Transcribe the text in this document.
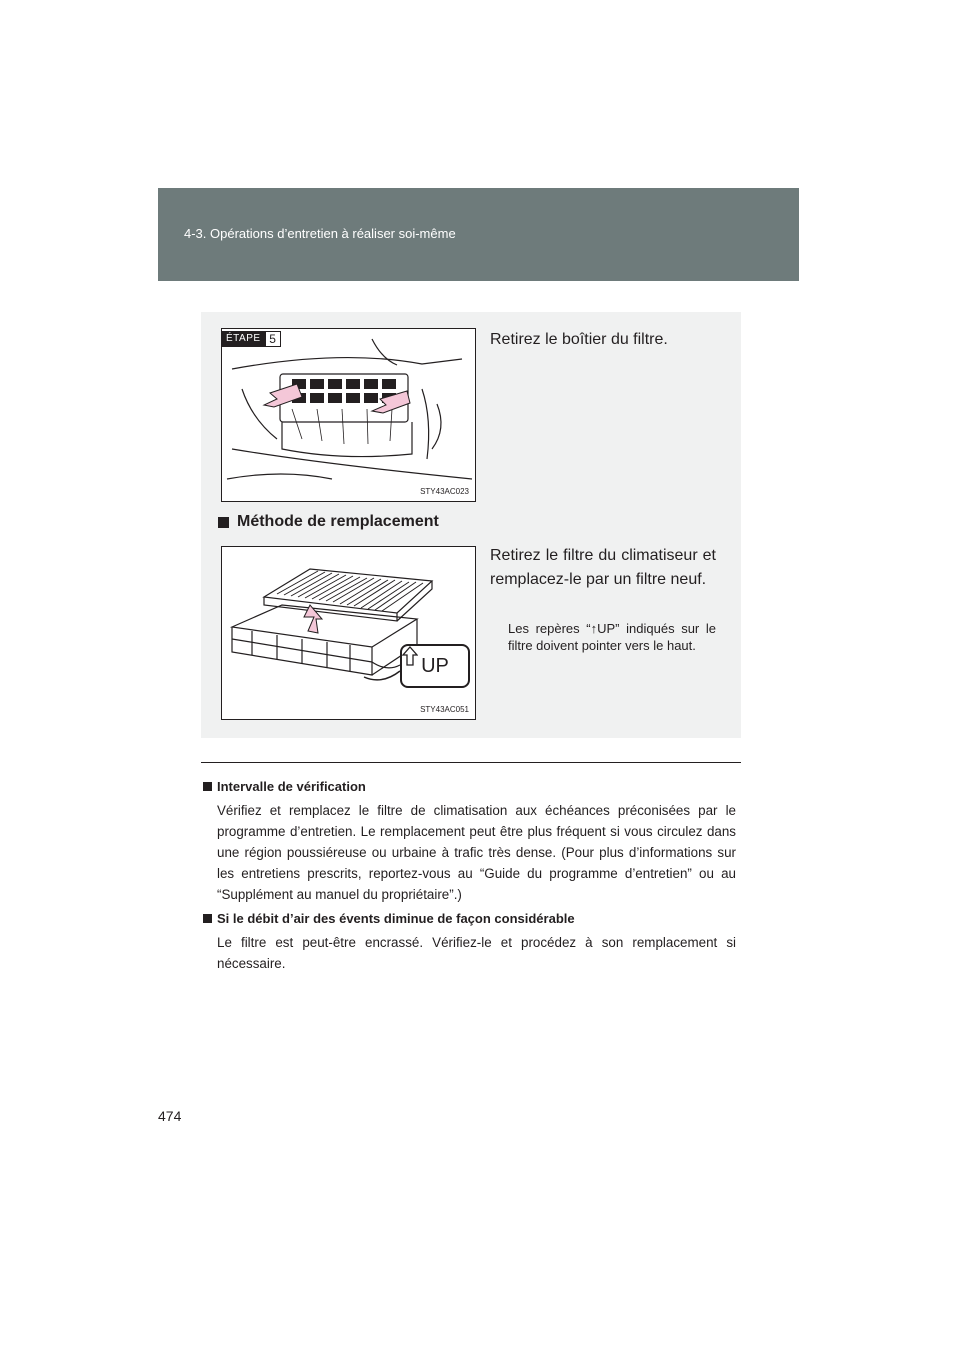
4-3. Opérations d’entretien à réaliser soi-même
ÉTAPE 5
STY43AC023
Retirez le boîtier du filtre.
Méthode de remplacement
UP
STY43AC051
Retirez le filtre du climatiseur et remplacez-le par un filtre neuf.
Les repères “↑UP” indiqués sur le filtre doivent pointer vers le haut.
Intervalle de vérification

Vérifiez et remplacez le filtre de climatisation aux échéances préconisées par le programme d’entretien. Le remplacement peut être plus fréquent si vous circulez dans une région poussiéreuse ou urbaine à trafic très dense. (Pour plus d’informations sur les entretiens prescrits, reportez-vous au “Guide du programme d’entretien” ou au “Supplément au manuel du propriétaire”.)

Si le débit d’air des évents diminue de façon considérable

Le filtre est peut-être encrassé. Vérifiez-le et procédez à son remplacement si nécessaire.

474
